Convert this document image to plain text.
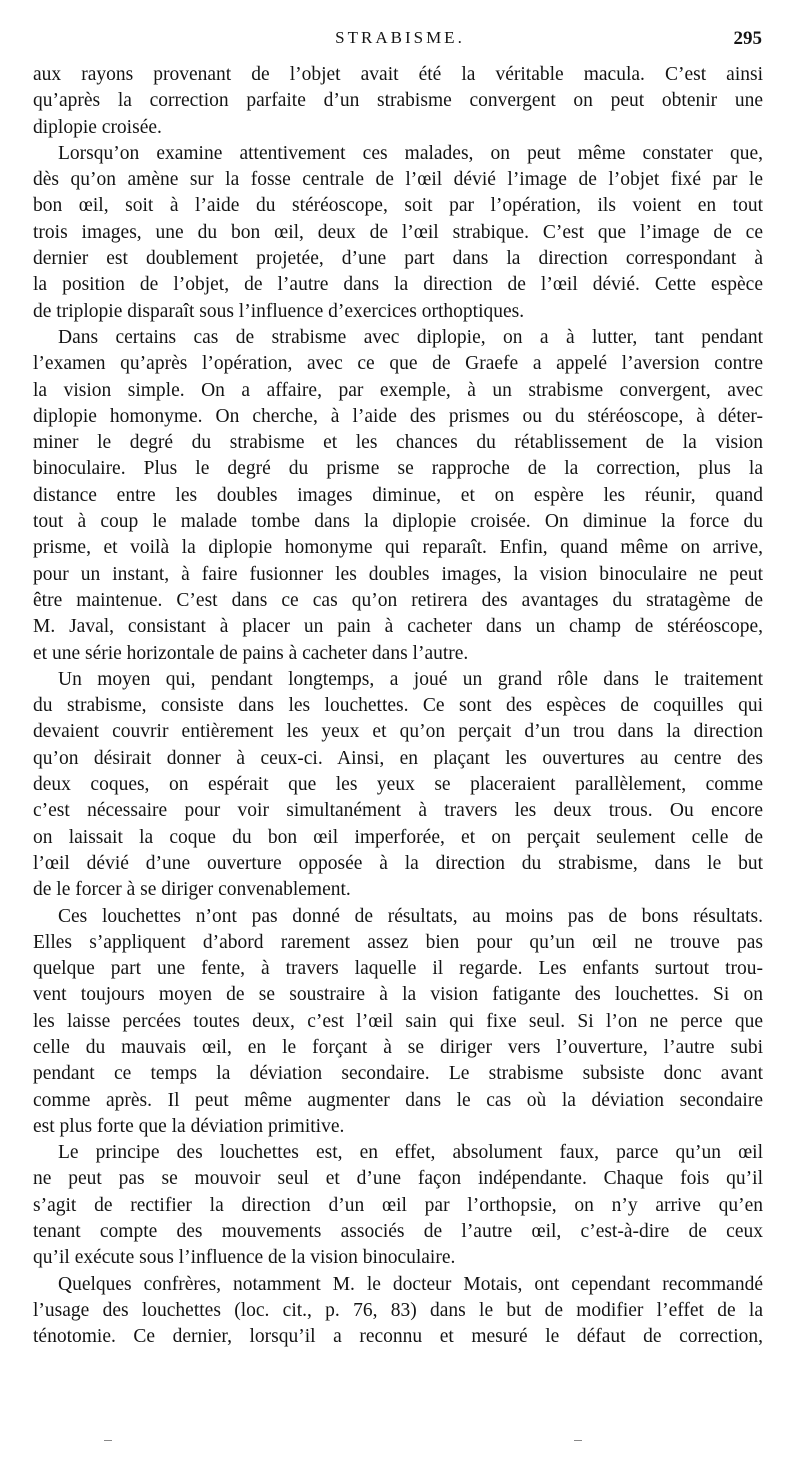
STRABISME.	295
aux rayons provenant de l’objet avait été la véritable macula. C’est ainsi
qu’après la correction parfaite d’un strabisme convergent on peut obtenir une
diplopie croisée.
Lorsqu’on examine attentivement ces malades, on peut même constater que,
dès qu’on amène sur la fosse centrale de l’œil dévié l’image de l’objet fixé par le
bon œil, soit à l’aide du stéréoscope, soit par l’opération, ils voient en tout
trois images, une du bon œil, deux de l’œil strabique. C’est que l’image de ce
dernier est doublement projetée, d’une part dans la direction correspondant à
la position de l’objet, de l’autre dans la direction de l’œil dévié. Cette espèce
de triplopie disparaît sous l’influence d’exercices orthoptiques.
Dans certains cas de strabisme avec diplopie, on a à lutter, tant pendant
l’examen qu’après l’opération, avec ce que de Graefe a appelé l’aversion contre
la vision simple. On a affaire, par exemple, à un strabisme convergent, avec
diplopie homonyme. On cherche, à l’aide des prismes ou du stéréoscope, à déter-
miner le degré du strabisme et les chances du rétablissement de la vision
binoculaire. Plus le degré du prisme se rapproche de la correction, plus la
distance entre les doubles images diminue, et on espère les réunir, quand
tout à coup le malade tombe dans la diplopie croisée. On diminue la force du
prisme, et voilà la diplopie homonyme qui reparaît. Enfin, quand même on arrive,
pour un instant, à faire fusionner les doubles images, la vision binoculaire ne peut
être maintenue. C’est dans ce cas qu’on retirera des avantages du stratagème de
M. Javal, consistant à placer un pain à cacheter dans un champ de stéréoscope,
et une série horizontale de pains à cacheter dans l’autre.
Un moyen qui, pendant longtemps, a joué un grand rôle dans le traitement
du strabisme, consiste dans les louchettes. Ce sont des espèces de coquilles qui
devaient couvrir entièrement les yeux et qu’on perçait d’un trou dans la direction
qu’on désirait donner à ceux-ci. Ainsi, en plaçant les ouvertures au centre des
deux coques, on espérait que les yeux se placeraient parallèlement, comme
c’est nécessaire pour voir simultanément à travers les deux trous. Ou encore
on laissait la coque du bon œil imperforée, et on perçait seulement celle de
l’œil dévié d’une ouverture opposée à la direction du strabisme, dans le but
de le forcer à se diriger convenablement.
Ces louchettes n’ont pas donné de résultats, au moins pas de bons résultats.
Elles s’appliquent d’abord rarement assez bien pour qu’un œil ne trouve pas
quelque part une fente, à travers laquelle il regarde. Les enfants surtout trou-
vent toujours moyen de se soustraire à la vision fatigante des louchettes. Si on
les laisse percées toutes deux, c’est l’œil sain qui fixe seul. Si l’on ne perce que
celle du mauvais œil, en le forçant à se diriger vers l’ouverture, l’autre subi
pendant ce temps la déviation secondaire. Le strabisme subsiste donc avant
comme après. Il peut même augmenter dans le cas où la déviation secondaire
est plus forte que la déviation primitive.
Le principe des louchettes est, en effet, absolument faux, parce qu’un œil
ne peut pas se mouvoir seul et d’une façon indépendante. Chaque fois qu’il
s’agit de rectifier la direction d’un œil par l’orthopsie, on n’y arrive qu’en
tenant compte des mouvements associés de l’autre œil, c’est-à-dire de ceux
qu’il exécute sous l’influence de la vision binoculaire.
Quelques confrères, notamment M. le docteur Motais, ont cependant recommandé
l’usage des louchettes (loc. cit., p. 76, 83) dans le but de modifier l’effet de la
ténotomie. Ce dernier, lorsqu’il a reconnu et mesuré le défaut de correction,
